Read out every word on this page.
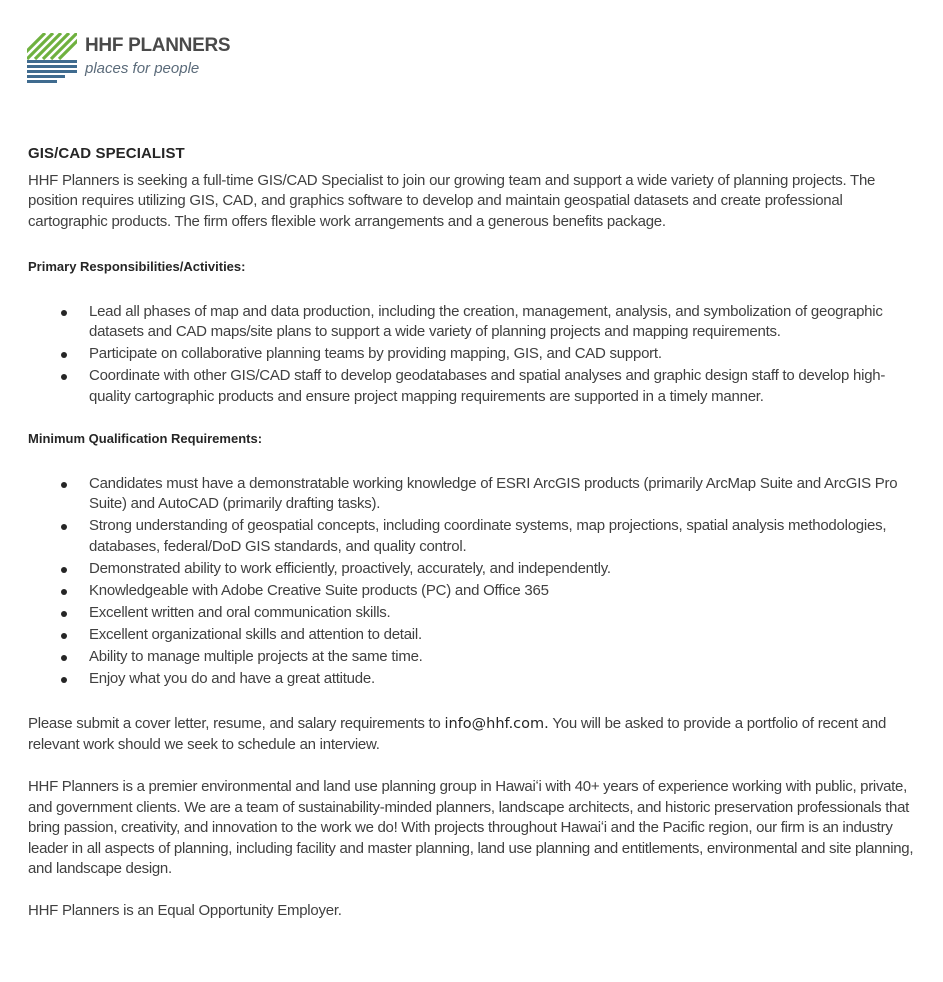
HHF PLANNERS
places for people
GIS/CAD SPECIALIST

HHF Planners is seeking a full-time GIS/CAD Specialist to join our growing team and support a wide variety of planning projects. The position requires utilizing GIS, CAD, and graphics software to develop and maintain geospatial datasets and create professional cartographic products. The firm offers flexible work arrangements and a generous benefits package.

Primary Responsibilities/Activities:
Lead all phases of map and data production, including the creation, management, analysis, and symbolization of geographic datasets and CAD maps/site plans to support a wide variety of planning projects and mapping requirements.
Participate on collaborative planning teams by providing mapping, GIS, and CAD support.
Coordinate with other GIS/CAD staff to develop geodatabases and spatial analyses and graphic design staff to develop high-quality cartographic products and ensure project mapping requirements are supported in a timely manner.
Minimum Qualification Requirements:
Candidates must have a demonstratable working knowledge of ESRI ArcGIS products (primarily ArcMap Suite and ArcGIS Pro Suite) and AutoCAD (primarily drafting tasks).
Strong understanding of geospatial concepts, including coordinate systems, map projections, spatial analysis methodologies, databases, federal/DoD GIS standards, and quality control.
Demonstrated ability to work efficiently, proactively, accurately, and independently.
Knowledgeable with Adobe Creative Suite products (PC) and Office 365
Excellent written and oral communication skills.
Excellent organizational skills and attention to detail.
Ability to manage multiple projects at the same time.
Enjoy what you do and have a great attitude.

Please submit a cover letter, resume, and salary requirements to info@hhf.com. You will be asked to provide a portfolio of recent and relevant work should we seek to schedule an interview.

HHF Planners is a premier environmental and land use planning group in Hawaiʻi with 40+ years of experience working with public, private, and government clients. We are a team of sustainability-minded planners, landscape architects, and historic preservation professionals that bring passion, creativity, and innovation to the work we do! With projects throughout Hawaiʻi and the Pacific region, our firm is an industry leader in all aspects of planning, including facility and master planning, land use planning and entitlements, environmental and site planning, and landscape design.

HHF Planners is an Equal Opportunity Employer.
